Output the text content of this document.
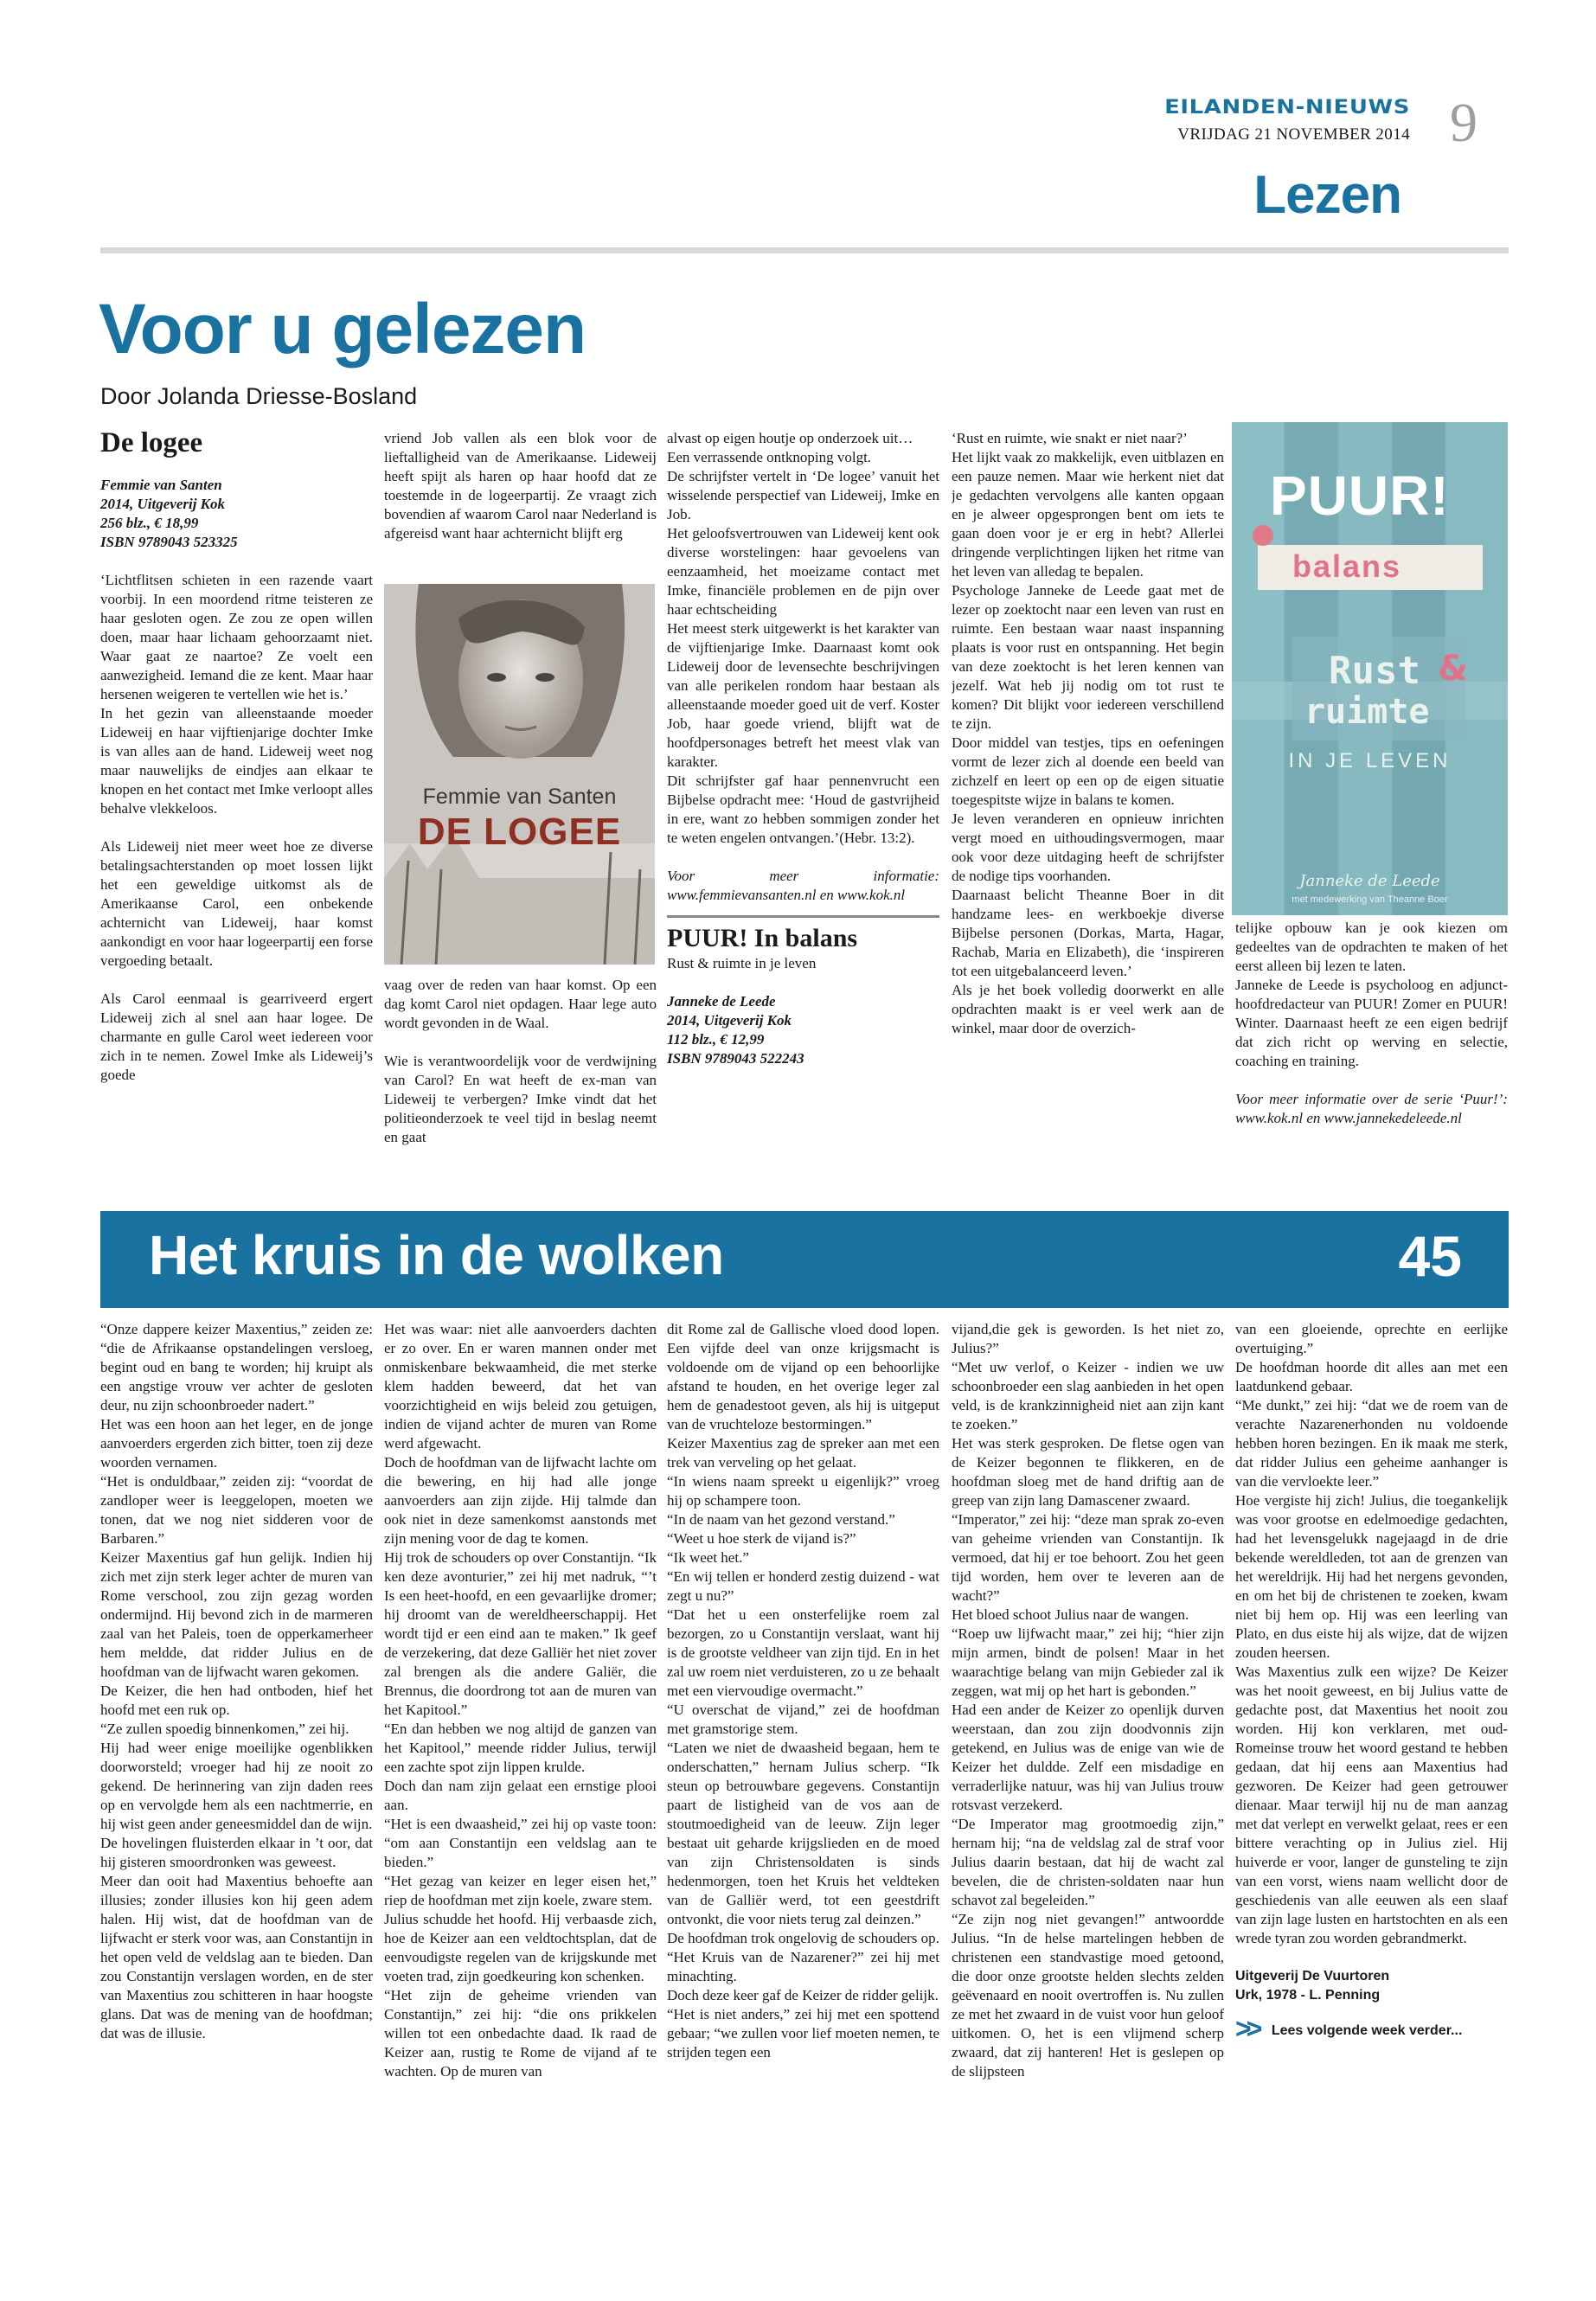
EILANDEN-NIEUWS
VRIJDAG 21 NOVEMBER 2014 9
Lezen
Voor u gelezen
Door Jolanda Driesse-Bosland
De logee

Femmie van Santen

2014, Uitgeverij Kok

256 blz., € 18,99

ISBN 9789043 523325

‘Lichtflitsen schieten in een razende vaart voorbij. In een moordend ritme teisteren ze haar gesloten ogen. Ze zou ze open willen doen, maar haar lichaam gehoorzaamt niet. Waar gaat ze naartoe? Ze voelt een aanwezigheid. Iemand die ze kent. Maar haar hersenen weigeren te vertellen wie het is.’

In het gezin van alleenstaande moeder Lideweij en haar vijftienjarige dochter Imke is van alles aan de hand. Lideweij weet nog maar nauwelijks de eindjes aan elkaar te knopen en het contact met Imke verloopt alles behalve vlekkeloos.

Als Lideweij niet meer weet hoe ze diverse betalingsachterstanden op moet lossen lijkt het een geweldige uitkomst als de Amerikaanse Carol, een onbekende achternicht van Lideweij, haar komst aankondigt en voor haar logeerpartij een forse vergoeding betaalt.

Als Carol eenmaal is gearriveerd ergert Lideweij zich al snel aan haar logee. De charmante en gulle Carol weet iedereen voor zich in te nemen. Zowel Imke als Lideweij’s goede

vriend Job vallen als een blok voor de lieftalligheid van de Amerikaanse. Lideweij heeft spijt als haren op haar hoofd dat ze toestemde in de logeerpartij. Ze vraagt zich bovendien af waarom Carol naar Nederland is afgereisd want haar achternicht blijft erg

Femmie van Santen
DE LOGEE

vaag over de reden van haar komst. Op een dag komt Carol niet opdagen. Haar lege auto wordt gevonden in de Waal.

Wie is verantwoordelijk voor de verdwijning van Carol? En wat heeft de ex-man van Lideweij te verbergen? Imke vindt dat het politieonderzoek te veel tijd in beslag neemt en gaat

alvast op eigen houtje op onderzoek uit…

Een verrassende ontknoping volgt.

De schrijfster vertelt in ‘De logee’ vanuit het wisselende perspectief van Lideweij, Imke en Job.

Het geloofsvertrouwen van Lideweij kent ook diverse worstelingen: haar gevoelens van eenzaamheid, het moeizame contact met Imke, financiële problemen en de pijn over haar echtscheiding

Het meest sterk uitgewerkt is het karakter van de vijftienjarige Imke. Daarnaast komt ook Lideweij door de levensechte beschrijvingen van alle perikelen rondom haar bestaan als alleenstaande moeder goed uit de verf. Koster Job, haar goede vriend, blijft wat de hoofdpersonages betreft het meest vlak van karakter.

Dit schrijfster gaf haar pennenvrucht een Bijbelse opdracht mee: ‘Houd de gastvrijheid in ere, want zo hebben sommigen zonder het te weten engelen ontvangen.’(Hebr. 13:2).

Voor meer informatie: www.femmievansanten.nl en www.kok.nl

PUUR! In balans

Rust & ruimte in je leven

Janneke de Leede

2014, Uitgeverij Kok

112 blz., € 12,99

ISBN 9789043 522243

‘Rust en ruimte, wie snakt er niet naar?’

Het lijkt vaak zo makkelijk, even uitblazen en een pauze nemen. Maar wie herkent niet dat je gedachten vervolgens alle kanten opgaan en je alweer opgesprongen bent om iets te gaan doen voor je er erg in hebt? Allerlei dringende verplichtingen lijken het ritme van het leven van alledag te bepalen.

Psychologe Janneke de Leede gaat met de lezer op zoektocht naar een leven van rust en ruimte. Een bestaan waar naast inspanning plaats is voor rust en ontspanning. Het begin van deze zoektocht is het leren kennen van jezelf. Wat heb jij nodig om tot rust te komen? Dit blijkt voor iedereen verschillend te zijn.

Door middel van testjes, tips en oefeningen vormt de lezer zich al doende een beeld van zichzelf en leert op een op de eigen situatie toegespitste wijze in balans te komen.

Je leven veranderen en opnieuw inrichten vergt moed en uithoudingsvermogen, maar ook voor deze uitdaging heeft de schrijfster de nodige tips voorhanden.

Daarnaast belicht Theanne Boer in dit handzame lees- en werkboekje diverse Bijbelse personen (Dorkas, Marta, Hagar, Rachab, Maria en Elizabeth), die ‘inspireren tot een uitgebalanceerd leven.’

Als je het boek volledig doorwerkt en alle opdrachten maakt is er veel werk aan de winkel, maar door de overzich-

PUUR!
balans
Rust &
ruimte
IN JE LEVEN
Janneke de Leede
met medewerking van Theanne Boer

telijke opbouw kan je ook kiezen om gedeeltes van de opdrachten te maken of het eerst alleen bij lezen te laten.

Janneke de Leede is psycholoog en adjunct-hoofdredacteur van PUUR! Zomer en PUUR! Winter. Daarnaast heeft ze een eigen bedrijf dat zich richt op werving en selectie, coaching en training.

Voor meer informatie over de serie ‘Puur!’: www.kok.nl en www.jannekedeleede.nl

Het kruis in de wolken	45

“Onze dappere keizer Maxentius,” zeiden ze: “die de Afrikaanse opstandelingen versloeg, begint oud en bang te worden; hij kruipt als een angstige vrouw ver achter de gesloten deur, nu zijn schoonbroeder nadert.”

Het was een hoon aan het leger, en de jonge aanvoerders ergerden zich bitter, toen zij deze woorden vernamen.

“Het is onduldbaar,” zeiden zij: “voordat de zandloper weer is leeggelopen, moeten we tonen, dat we nog niet sidderen voor de Barbaren.”

Keizer Maxentius gaf hun gelijk. Indien hij zich met zijn sterk leger achter de muren van Rome verschool, zou zijn gezag worden ondermijnd. Hij bevond zich in de marmeren zaal van het Paleis, toen de opperkamerheer hem meldde, dat ridder Julius en de hoofdman van de lijfwacht waren gekomen.

De Keizer, die hen had ontboden, hief het hoofd met een ruk op.

“Ze zullen spoedig binnenkomen,” zei hij.

Hij had weer enige moeilijke ogenblikken doorworsteld; vroeger had hij ze nooit zo gekend. De herinnering van zijn daden rees op en vervolgde hem als een nachtmerrie, en hij wist geen ander geneesmiddel dan de wijn.

De hovelingen fluisterden elkaar in ’t oor, dat hij gisteren smoordronken was geweest.

Meer dan ooit had Maxentius behoefte aan illusies; zonder illusies kon hij geen adem halen. Hij wist, dat de hoofdman van de lijfwacht er sterk voor was, aan Constantijn in het open veld de veldslag aan te bieden. Dan zou Constantijn verslagen worden, en de ster van Maxentius zou schitteren in haar hoogste glans. Dat was de mening van de hoofdman; dat was de illusie.

Het was waar: niet alle aanvoerders dachten er zo over. En er waren mannen onder met onmiskenbare bekwaamheid, die met sterke klem hadden beweerd, dat het van voorzichtigheid en wijs beleid zou getuigen, indien de vijand achter de muren van Rome werd afgewacht.

Doch de hoofdman van de lijfwacht lachte om die bewering, en hij had alle jonge aanvoerders aan zijn zijde. Hij talmde dan ook niet in deze samenkomst aanstonds met zijn mening voor de dag te komen.

Hij trok de schouders op over Constantijn. “Ik ken deze avonturier,” zei hij met nadruk, “’t Is een heet-hoofd, en een gevaarlijke dromer; hij droomt van de wereldheerschappij. Het wordt tijd er een eind aan te maken.” Ik geef de verzekering, dat deze Galliër het niet zover zal brengen als die andere Galiër, die Brennus, die doordrong tot aan de muren van het Kapitool.”

“En dan hebben we nog altijd de ganzen van het Kapitool,” meende ridder Julius, terwijl een zachte spot zijn lippen krulde.

Doch dan nam zijn gelaat een ernstige plooi aan.

“Het is een dwaasheid,” zei hij op vaste toon: “om aan Constantijn een veldslag aan te bieden.”

“Het gezag van keizer en leger eisen het,” riep de hoofdman met zijn koele, zware stem.

Julius schudde het hoofd. Hij verbaasde zich, hoe de Keizer aan een veldtochtsplan, dat de eenvoudigste regelen van de krijgskunde met voeten trad, zijn goedkeuring kon schenken.

“Het zijn de geheime vrienden van Constantijn,” zei hij: “die ons prikkelen willen tot een onbedachte daad. Ik raad de Keizer aan, rustig te Rome de vijand af te wachten. Op de muren van

dit Rome zal de Gallische vloed dood lopen. Een vijfde deel van onze krijgsmacht is voldoende om de vijand op een behoorlijke afstand te houden, en het overige leger zal hem de genadestoot geven, als hij is uitgeput van de vruchteloze bestormingen.”

Keizer Maxentius zag de spreker aan met een trek van verveling op het gelaat.

“In wiens naam spreekt u eigenlijk?” vroeg hij op schampere toon.

“In de naam van het gezond verstand.”

“Weet u hoe sterk de vijand is?”

“Ik weet het.”

“En wij tellen er honderd zestig duizend - wat zegt u nu?”

“Dat het u een onsterfelijke roem zal bezorgen, zo u Constantijn verslaat, want hij is de grootste veldheer van zijn tijd. En in het zal uw roem niet verduisteren, zo u ze behaalt met een viervoudige overmacht.”

“U overschat de vijand,” zei de hoofdman met gramstorige stem.

“Laten we niet de dwaasheid begaan, hem te onderschatten,” hernam Julius scherp. “Ik steun op betrouwbare gegevens. Constantijn paart de listigheid van de vos aan de stoutmoedigheid van de leeuw. Zijn leger bestaat uit geharde krijgslieden en de moed van zijn Christensoldaten is sinds hedenmorgen, toen het Kruis het veldteken van de Galliër werd, tot een geestdrift ontvonkt, die voor niets terug zal deinzen.”

De hoofdman trok ongelovig de schouders op.

“Het Kruis van de Nazarener?” zei hij met minachting.

Doch deze keer gaf de Keizer de ridder gelijk.

“Het is niet anders,” zei hij met een spottend gebaar; “we zullen voor lief moeten nemen, te strijden tegen een

vijand,die gek is geworden. Is het niet zo, Julius?”

“Met uw verlof, o Keizer - indien we uw schoonbroeder een slag aanbieden in het open veld, is de krankzinnigheid niet aan zijn kant te zoeken.”

Het was sterk gesproken. De fletse ogen van de Keizer begonnen te flikkeren, en de hoofdman sloeg met de hand driftig aan de greep van zijn lang Damascener zwaard.

“Imperator,” zei hij: “deze man sprak zo-even van geheime vrienden van Constantijn. Ik vermoed, dat hij er toe behoort. Zou het geen tijd worden, hem over te leveren aan de wacht?”

Het bloed schoot Julius naar de wangen.

“Roep uw lijfwacht maar,” zei hij; “hier zijn mijn armen, bindt de polsen! Maar in het waarachtige belang van mijn Gebieder zal ik zeggen, wat mij op het hart is gebonden.”

Had een ander de Keizer zo openlijk durven weerstaan, dan zou zijn doodvonnis zijn getekend, en Julius was de enige van wie de Keizer het duldde. Zelf een misdadige en verraderlijke natuur, was hij van Julius trouw rotsvast verzekerd.

“De Imperator mag grootmoedig zijn,” hernam hij; “na de veldslag zal de straf voor Julius daarin bestaan, dat hij de wacht zal bevelen, die de christen-soldaten naar hun schavot zal begeleiden.”

“Ze zijn nog niet gevangen!” antwoordde Julius. “In de helse martelingen hebben de christenen een standvastige moed getoond, die door onze grootste helden slechts zelden geëvenaard en nooit overtroffen is. Nu zullen ze met het zwaard in de vuist voor hun geloof uitkomen. O, het is een vlijmend scherp zwaard, dat zij hanteren! Het is geslepen op de slijpsteen

van een gloeiende, oprechte en eerlijke overtuiging.”

De hoofdman hoorde dit alles aan met een laatdunkend gebaar.

“Me dunkt,” zei hij: “dat we de roem van de verachte Nazarenerhonden nu voldoende hebben horen bezingen. En ik maak me sterk, dat ridder Julius een geheime aanhanger is van die vervloekte leer.”

Hoe vergiste hij zich! Julius, die toegankelijk was voor grootse en edelmoedige gedachten, had het levensgelukk nagejaagd in de drie bekende wereldleden, tot aan de grenzen van het wereldrijk. Hij had het nergens gevonden, en om het bij de christenen te zoeken, kwam niet bij hem op. Hij was een leerling van Plato, en dus eiste hij als wijze, dat de wijzen zouden heersen.

Was Maxentius zulk een wijze? De Keizer was het nooit geweest, en bij Julius vatte de gedachte post, dat Maxentius het nooit zou worden. Hij kon verklaren, met oud-Romeinse trouw het woord gestand te hebben gedaan, dat hij eens aan Maxentius had gezworen. De Keizer had geen getrouwer dienaar. Maar terwijl hij nu de man aanzag met dat verlept en verwelkt gelaat, rees er een bittere verachting op in Julius ziel. Hij huiverde er voor, langer de gunsteling te zijn van een vorst, wiens naam wellicht door de geschiedenis van alle eeuwen als een slaaf van zijn lage lusten en hartstochten en als een wrede tyran zou worden gebrandmerkt.

Uitgeverij De Vuurtoren

Urk, 1978 - L. Penning

>> Lees volgende week verder...
